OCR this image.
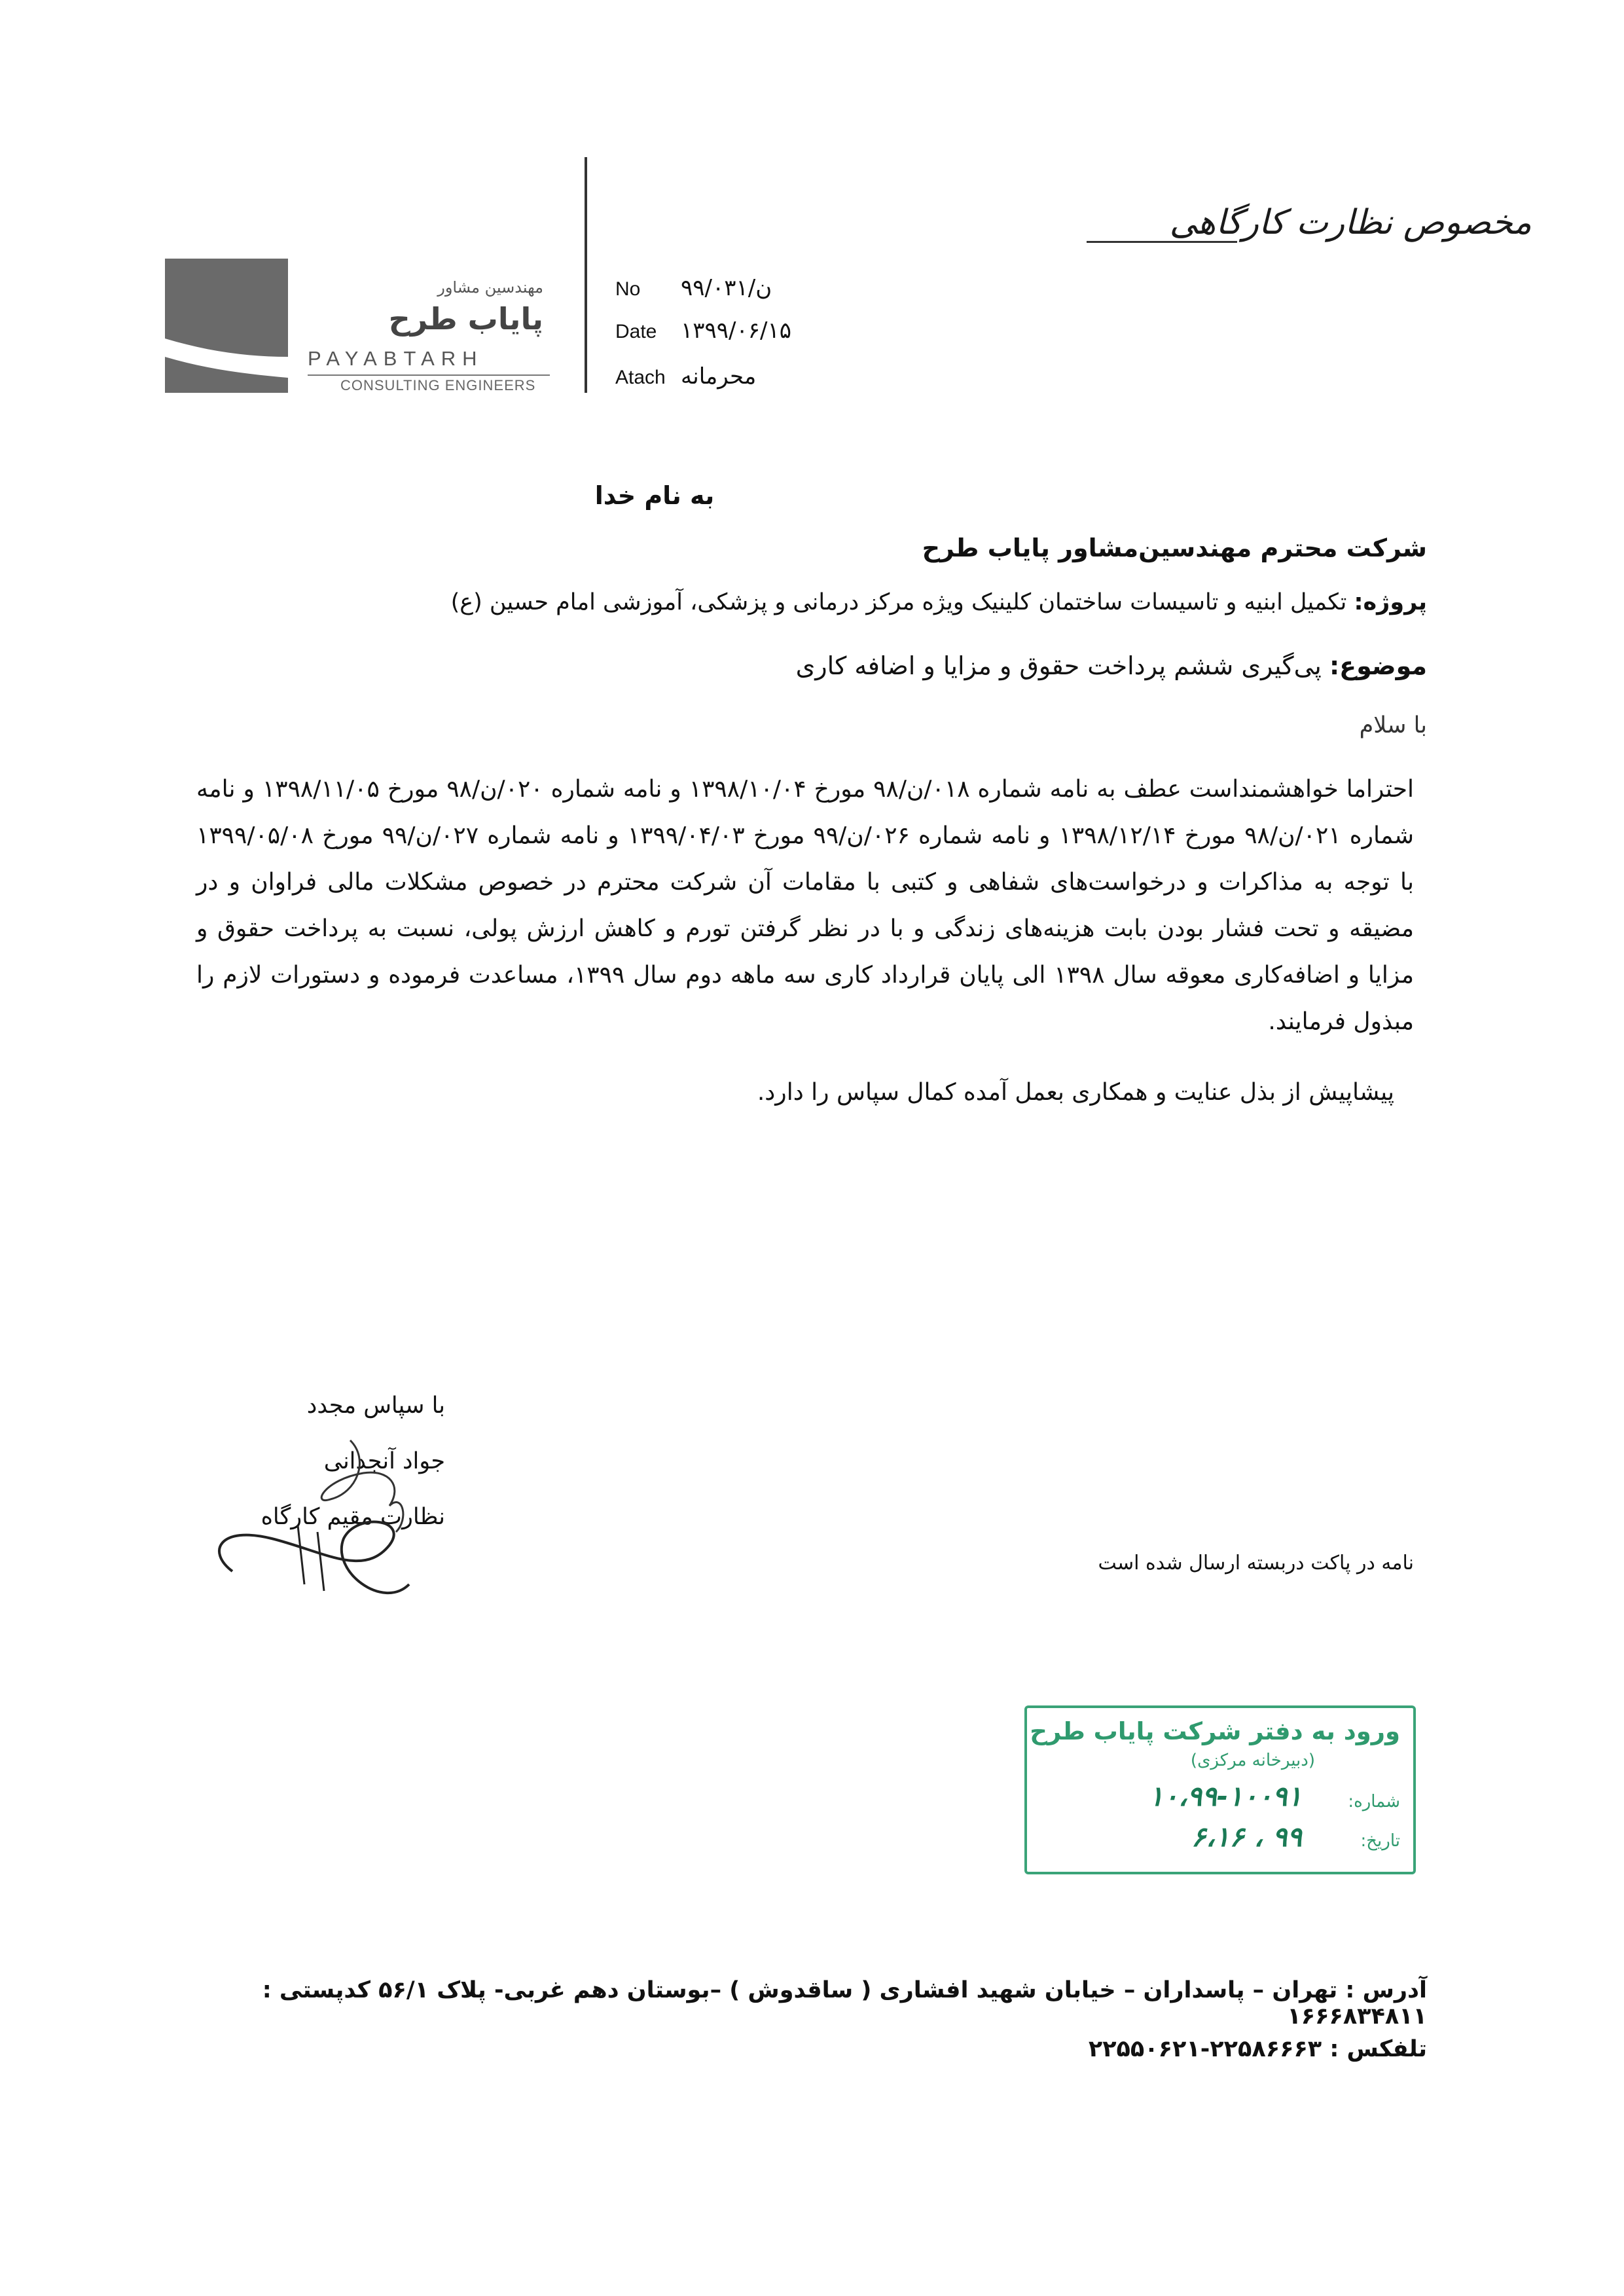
مخصوص نظارت کارگاهی
مهندسین مشاور
پایاب طرح
PAYABTARH
CONSULTING ENGINEERS
No ۹۹/ن/۰۳۱
Date ۱۳۹۹/۰۶/۱۵
Atach محرمانه
به نام خدا
شرکت محترم مهندسین‌مشاور پایاب طرح
پروژه: تکمیل ابنیه و تاسیسات ساختمان کلینیک ویژه مرکز درمانی و پزشکی، آموزشی امام حسین (ع)
موضوع: پی‌گیری ششم پرداخت حقوق و مزایا و اضافه کاری
با سلام
احتراما خواهشمنداست عطف به نامه شماره ۰۱۸/ن/۹۸ مورخ ۱۳۹۸/۱۰/۰۴ و نامه شماره ۰۲۰/ن/۹۸ مورخ ۱۳۹۸/۱۱/۰۵ و نامه شماره ۰۲۱/ن/۹۸ مورخ ۱۳۹۸/۱۲/۱۴ و نامه شماره ۰۲۶/ن/۹۹ مورخ ۱۳۹۹/۰۴/۰۳ و نامه شماره ۰۲۷/ن/۹۹ مورخ ۱۳۹۹/۰۵/۰۸ با توجه به مذاکرات و درخواست‌های شفاهی و کتبی با مقامات آن شرکت محترم در خصوص مشکلات مالی فراوان و در مضیقه و تحت فشار بودن بابت هزینه‌های زندگی و با در نظر گرفتن تورم و کاهش ارزش پولی، نسبت به پرداخت حقوق و مزایا و اضافه‌کاری معوقه سال ۱۳۹۸ الی پایان قرارداد کاری سه ماهه دوم سال ۱۳۹۹، مساعدت فرموده و دستورات لازم را مبذول فرمایند.
پیشاپیش از بذل عنایت و همکاری بعمل آمده کمال سپاس را دارد.
با سپاس مجدد
جواد آنجدانی
نظارت مقیم کارگاه
نامه در پاکت دربسته ارسال شده است
ورود به دفتر شرکت پایاب طرح
(دبیرخانه مرکزی)
شماره:
۱۰،۹۹-۱۰۰۹۱
تاریخ:
۹۹ ، ۶،۱۶
آدرس : تهران – پاسداران – خیابان شهید افشاری ( ساقدوش ) –بوستان دهم غربی- پلاک ۵۶/۱ کدپستی : ۱۶۶۶۸۳۴۸۱۱
تلفکس : ۲۲۵۸۶۶۶۳-۲۲۵۵۰۶۲۱
